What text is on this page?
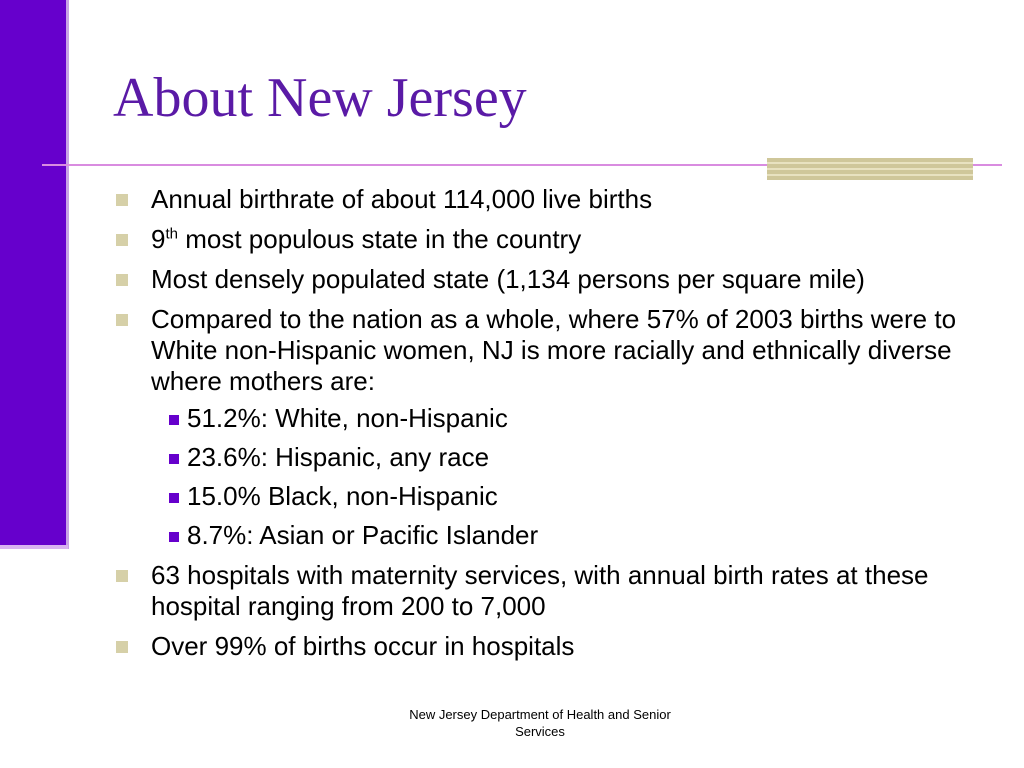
About New Jersey
Annual birthrate of about 114,000 live births
9th most populous state in the country
Most densely populated state (1,134 persons per square mile)
Compared to the nation as a whole, where 57% of 2003 births were to White non-Hispanic women, NJ is more racially and ethnically diverse where mothers are:
51.2%: White, non-Hispanic
23.6%: Hispanic, any race
15.0% Black, non-Hispanic
8.7%: Asian or Pacific Islander
63 hospitals with maternity services, with annual birth rates at these hospital ranging from 200 to 7,000
Over 99% of births occur in hospitals
New Jersey Department of Health and Senior Services
